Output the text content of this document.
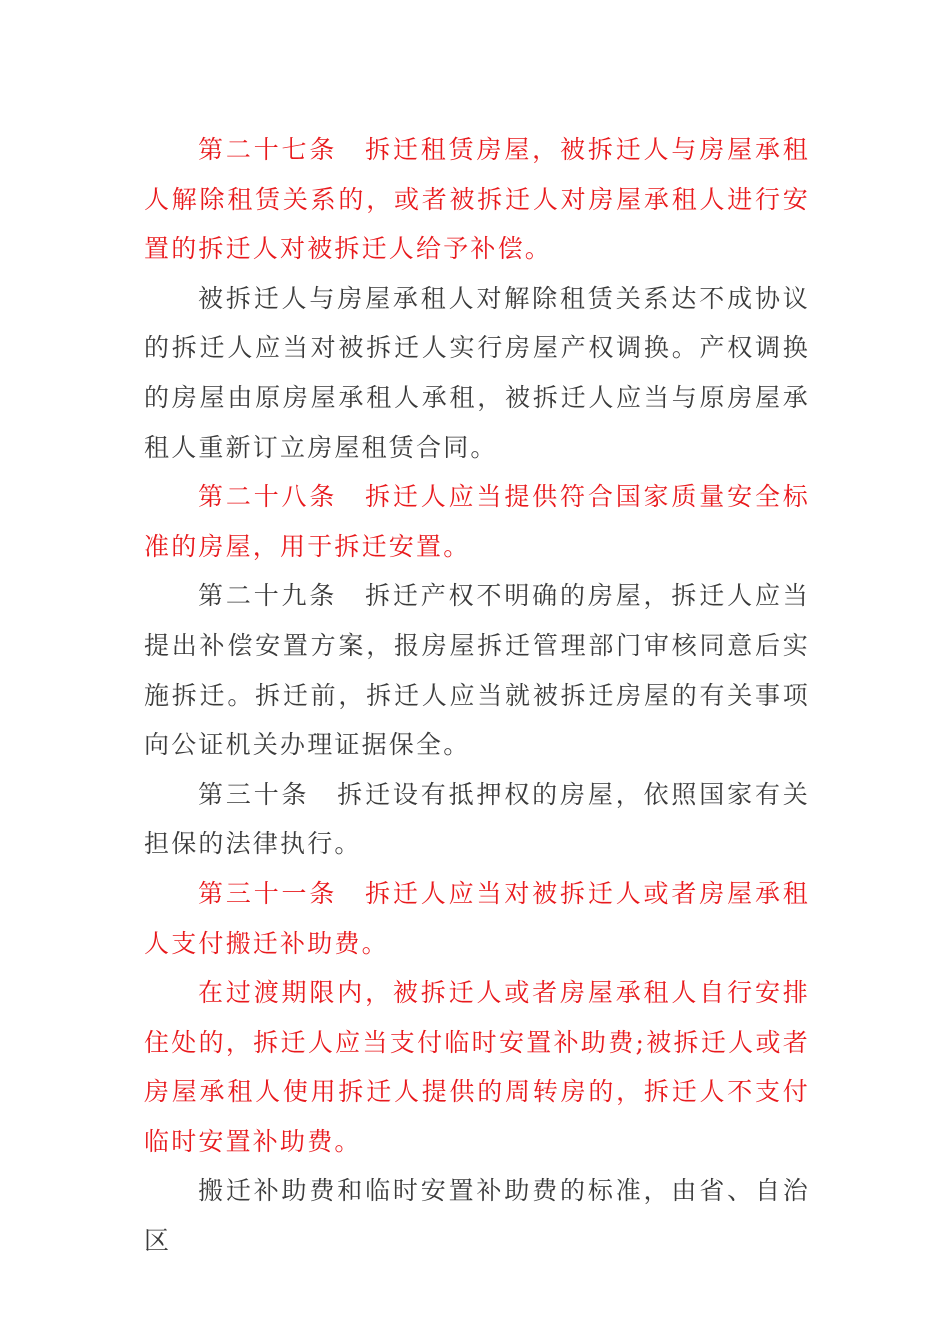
第二十七条　拆迁租赁房屋，被拆迁人与房屋承租人解除租赁关系的，或者被拆迁人对房屋承租人进行安置的拆迁人对被拆迁人给予补偿。

被拆迁人与房屋承租人对解除租赁关系达不成协议的拆迁人应当对被拆迁人实行房屋产权调换。产权调换的房屋由原房屋承租人承租，被拆迁人应当与原房屋承租人重新订立房屋租赁合同。

第二十八条　拆迁人应当提供符合国家质量安全标准的房屋，用于拆迁安置。

第二十九条　拆迁产权不明确的房屋，拆迁人应当提出补偿安置方案，报房屋拆迁管理部门审核同意后实施拆迁。拆迁前，拆迁人应当就被拆迁房屋的有关事项向公证机关办理证据保全。

第三十条　拆迁设有抵押权的房屋，依照国家有关担保的法律执行。

第三十一条　拆迁人应当对被拆迁人或者房屋承租人支付搬迁补助费。

在过渡期限内，被拆迁人或者房屋承租人自行安排住处的，拆迁人应当支付临时安置补助费;被拆迁人或者房屋承租人使用拆迁人提供的周转房的，拆迁人不支付临时安置补助费。

搬迁补助费和临时安置补助费的标准，由省、自治区
